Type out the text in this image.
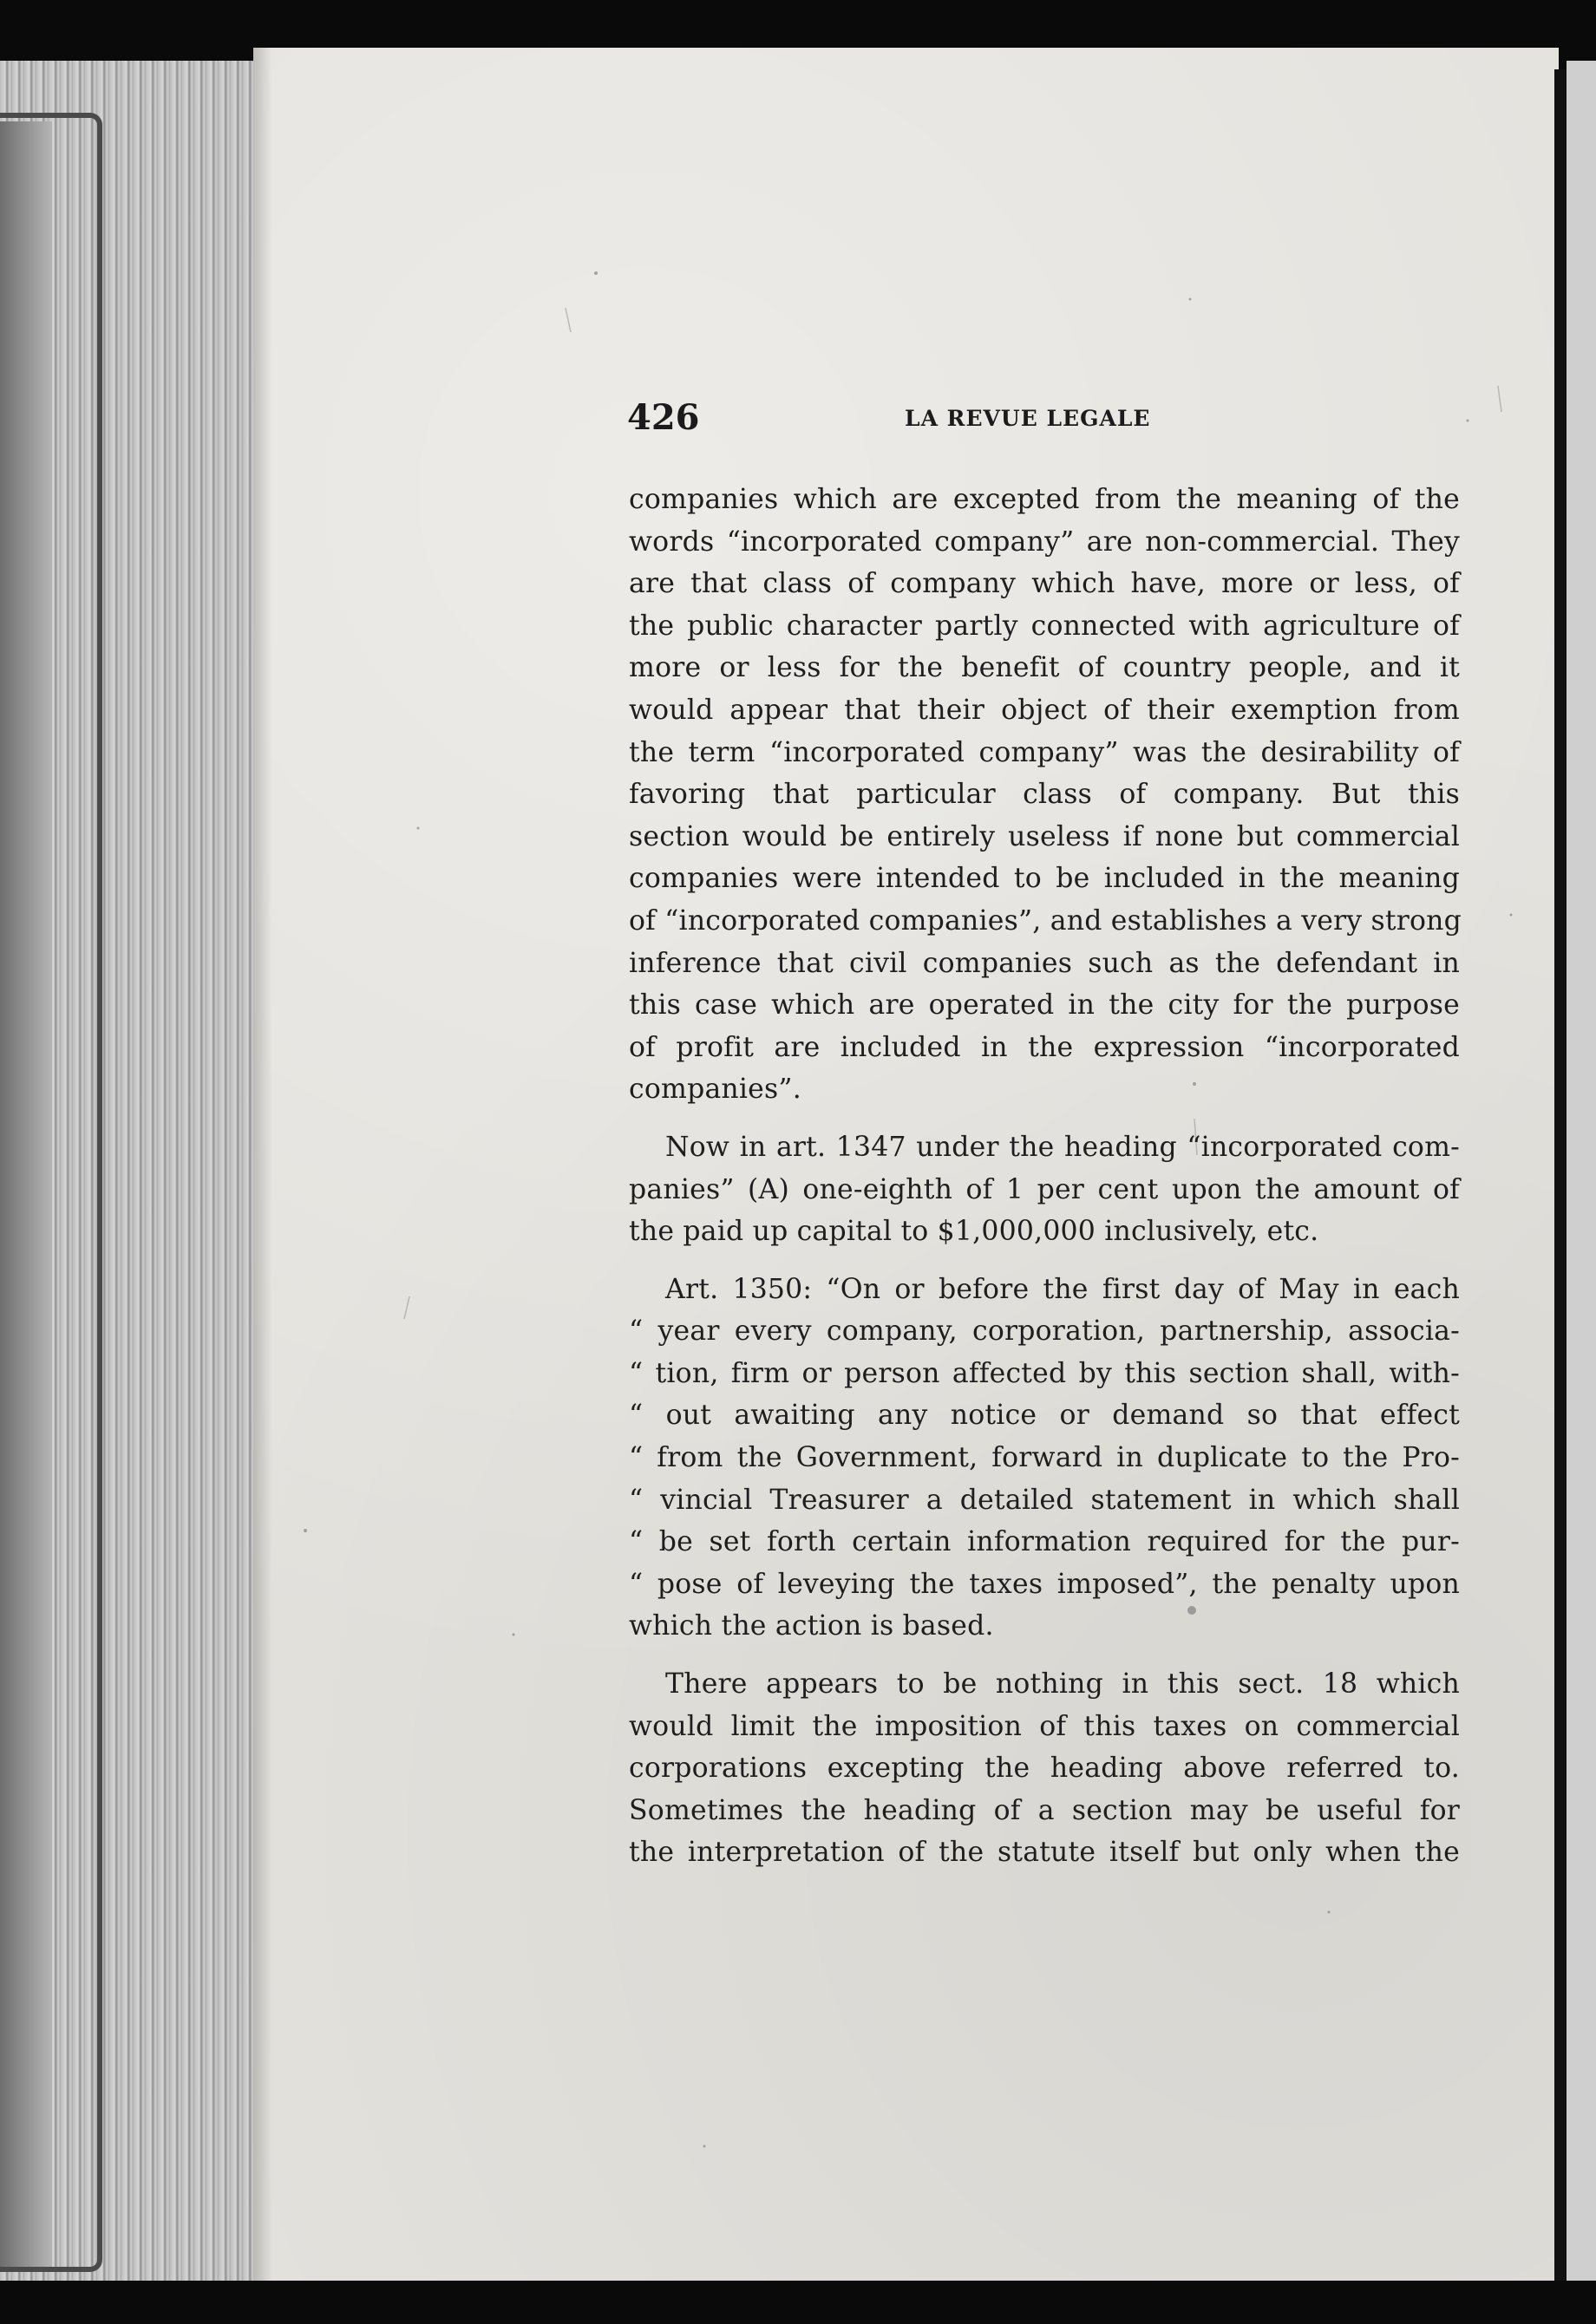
426	LA REVUE LEGALE
companies which are excepted from the meaning of the
words “incorporated company” are non-commercial. They
are that class of company which have, more or less, of
the public character partly connected with agriculture of
more or less for the benefit of country people, and it
would appear that their object of their exemption from
the term “incorporated company” was the desirability of
favoring that particular class of company. But this
section would be entirely useless if none but commercial
companies were intended to be included in the meaning
of “incorporated companies”, and establishes a very strong
inference that civil companies such as the defendant in
this case which are operated in the city for the purpose
of profit are included in the expression “incorporated
companies”.
Now in art. 1347 under the heading “incorporated com-
panies” (A) one-eighth of 1 per cent upon the amount of
the paid up capital to $1,000,000 inclusively, etc.
Art. 1350: “On or before the first day of May in each
“ year every company, corporation, partnership, associa-
“ tion, firm or person affected by this section shall, with-
“ out awaiting any notice or demand so that effect
“ from the Government, forward in duplicate to the Pro-
“ vincial Treasurer a detailed statement in which shall
“ be set forth certain information required for the pur-
“ pose of leveying the taxes imposed”, the penalty upon
which the action is based.
There appears to be nothing in this sect. 18 which
would limit the imposition of this taxes on commercial
corporations excepting the heading above referred to.
Sometimes the heading of a section may be useful for
the interpretation of the statute itself but only when the
